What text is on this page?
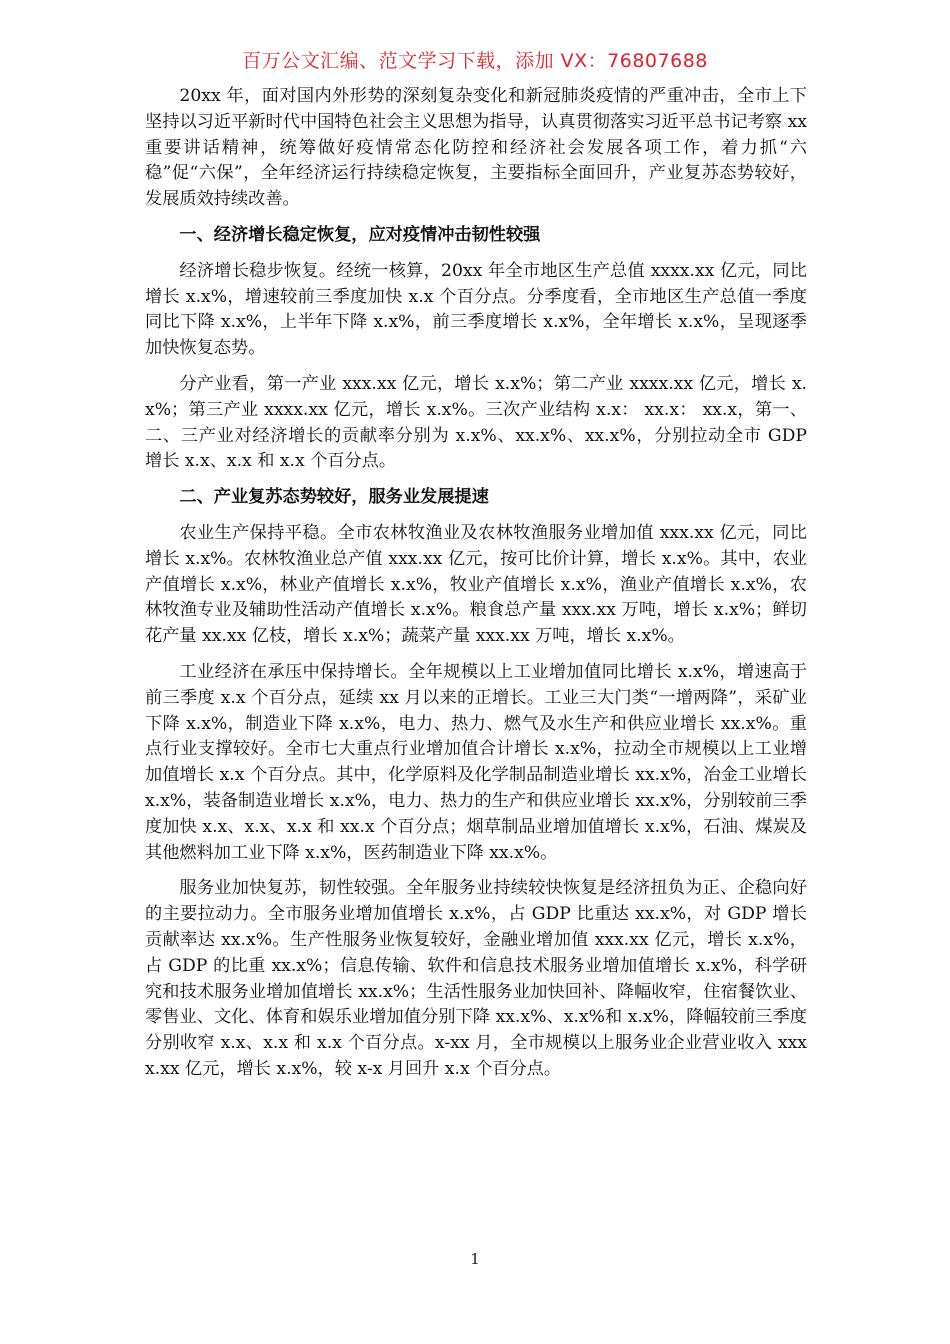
百万公文汇编、范文学习下载，添加 VX：76807688

20xx 年，面对国内外形势的深刻复杂变化和新冠肺炎疫情的严重冲击，全市上下坚持以习近平新时代中国特色社会主义思想为指导，认真贯彻落实习近平总书记考察 xx 重要讲话精神，统筹做好疫情常态化防控和经济社会发展各项工作，着力抓“六稳”促“六保”，全年经济运行持续稳定恢复，主要指标全面回升，产业复苏态势较好，发展质效持续改善。

一、经济增长稳定恢复，应对疫情冲击韧性较强

经济增长稳步恢复。经统一核算，20xx 年全市地区生产总值 xxxx.xx 亿元，同比增长 x.x%，增速较前三季度加快 x.x 个百分点。分季度看，全市地区生产总值一季度同比下降 x.x%，上半年下降 x.x%，前三季度增长 x.x%，全年增长 x.x%，呈现逐季加快恢复态势。

分产业看，第一产业 xxx.xx 亿元，增长 x.x%；第二产业 xxxx.xx 亿元，增长 x.x%；第三产业 xxxx.xx 亿元，增长 x.x%。三次产业结构 x.x： xx.x： xx.x，第一、二、三产业对经济增长的贡献率分别为 x.x%、xx.x%、xx.x%，分别拉动全市 GDP 增长 x.x、x.x 和 x.x 个百分点。

二、产业复苏态势较好，服务业发展提速

农业生产保持平稳。全市农林牧渔业及农林牧渔服务业增加值 xxx.xx 亿元，同比增长 x.x%。农林牧渔业总产值 xxx.xx 亿元，按可比价计算，增长 x.x%。其中，农业产值增长 x.x%，林业产值增长 x.x%，牧业产值增长 x.x%，渔业产值增长 x.x%，农林牧渔专业及辅助性活动产值增长 x.x%。粮食总产量 xxx.xx 万吨，增长 x.x%；鲜切花产量 xx.xx 亿枝，增长 x.x%；蔬菜产量 xxx.xx 万吨，增长 x.x%。

工业经济在承压中保持增长。全年规模以上工业增加值同比增长 x.x%，增速高于前三季度 x.x 个百分点，延续 xx 月以来的正增长。工业三大门类“一增两降”，采矿业下降 x.x%，制造业下降 x.x%，电力、热力、燃气及水生产和供应业增长 xx.x%。重点行业支撑较好。全市七大重点行业增加值合计增长 x.x%，拉动全市规模以上工业增加值增长 x.x 个百分点。其中，化学原料及化学制品制造业增长 xx.x%，冶金工业增长 x.x%，装备制造业增长 x.x%，电力、热力的生产和供应业增长 xx.x%，分别较前三季度加快 x.x、x.x、x.x 和 xx.x 个百分点；烟草制品业增加值增长 x.x%，石油、煤炭及其他燃料加工业下降 x.x%，医药制造业下降 xx.x%。

服务业加快复苏，韧性较强。全年服务业持续较快恢复是经济扭负为正、企稳向好的主要拉动力。全市服务业增加值增长 x.x%，占 GDP 比重达 xx.x%，对 GDP 增长贡献率达 xx.x%。生产性服务业恢复较好，金融业增加值 xxx.xx 亿元，增长 x.x%，占 GDP 的比重 xx.x%；信息传输、软件和信息技术服务业增加值增长 x.x%，科学研究和技术服务业增加值增长 xx.x%；生活性服务业加快回补、降幅收窄，住宿餐饮业、零售业、文化、体育和娱乐业增加值分别下降 xx.x%、x.x%和 x.x%，降幅较前三季度分别收窄 x.x、x.x 和 x.x 个百分点。x-xx 月，全市规模以上服务业企业营业收入 xxxx.xx 亿元，增长 x.x%，较 x-x 月回升 x.x 个百分点。

1
